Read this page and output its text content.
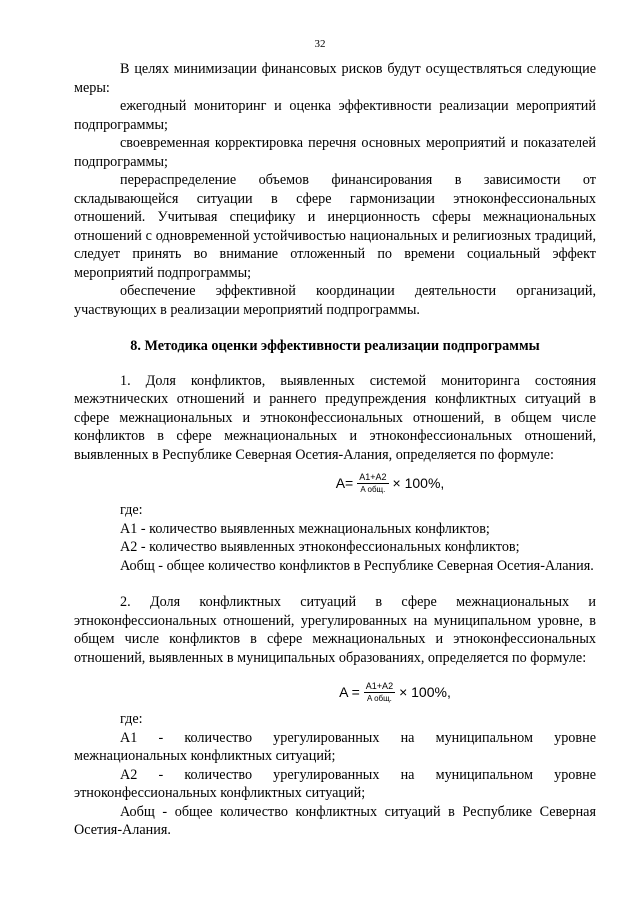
32

В целях минимизации финансовых рисков будут осуществляться следующие меры:

ежегодный мониторинг и оценка эффективности реализации мероприятий подпрограммы;

своевременная корректировка перечня основных мероприятий и показателей подпрограммы;

перераспределение объемов финансирования в зависимости от складывающейся ситуации в сфере гармонизации этноконфессиональных отношений. Учитывая специфику и инерционность сферы межнациональных отношений с одновременной устойчивостью национальных и религиозных традиций, следует принять во внимание отложенный по времени социальный эффект мероприятий подпрограммы;

обеспечение эффективной координации деятельности организаций, участвующих в реализации мероприятий подпрограммы.

8. Методика оценки эффективности реализации подпрограммы

1. Доля конфликтов, выявленных системой мониторинга состояния межэтнических отношений и раннего предупреждения конфликтных ситуаций в сфере межнациональных и этноконфессиональных отношений, в общем числе конфликтов в сфере межнациональных и этноконфессиональных отношений, выявленных в Республике Северная Осетия-Алания, определяется по формуле:

$A= \frac{A1+A2}{\text{A общ.}} \times 100\%$,

где:

А1 - количество выявленных межнациональных конфликтов;

А2 - количество выявленных этноконфессиональных конфликтов;

Аобщ - общее количество конфликтов в Республике Северная Осетия-Алания.

2. Доля конфликтных ситуаций в сфере межнациональных и этноконфессиональных отношений, урегулированных на муниципальном уровне, в общем числе конфликтов в сфере межнациональных и этноконфессиональных отношений, выявленных в муниципальных образованиях, определяется по формуле:

$A = \frac{A1+A2}{\text{A общ.}} \times 100\%$,

где:

А1 - количество урегулированных на муниципальном уровне межнациональных конфликтных ситуаций;

А2 - количество урегулированных на муниципальном уровне этноконфессиональных конфликтных ситуаций;

Аобщ - общее количество конфликтных ситуаций в Республике Северная Осетия-Алания.
